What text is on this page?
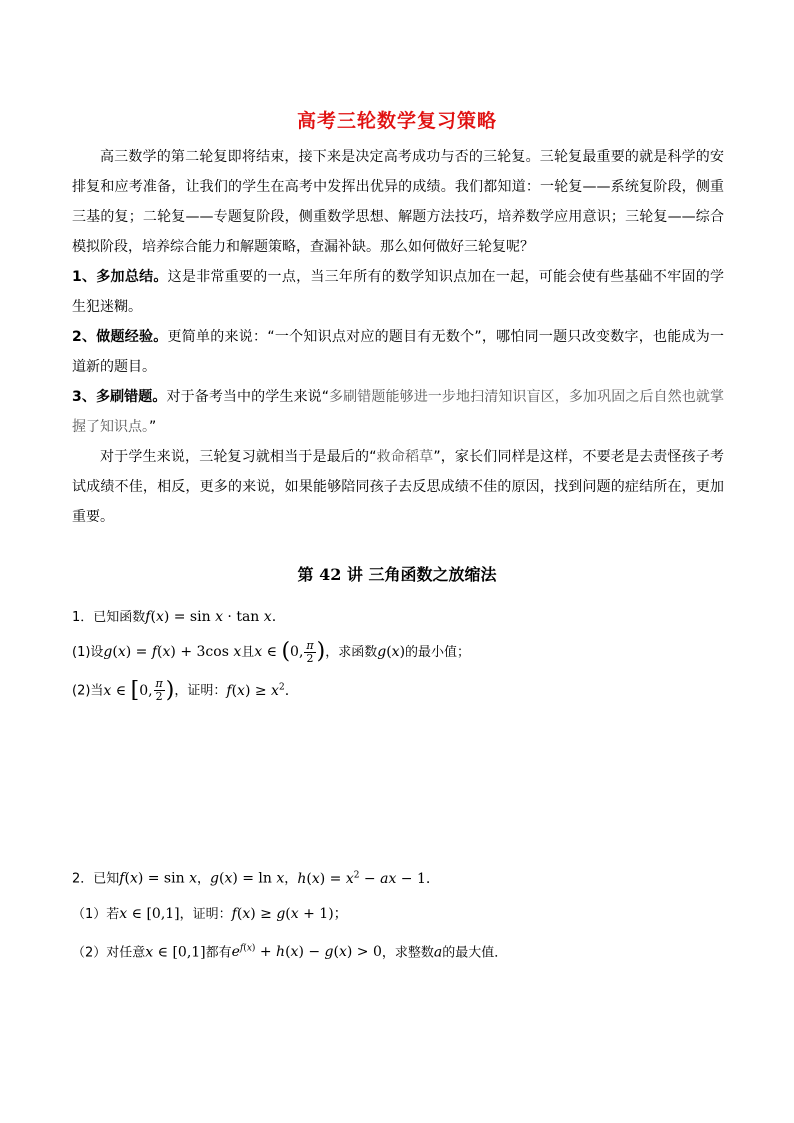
高考三轮数学复习策略

高三数学的第二轮复即将结束，接下来是决定高考成功与否的三轮复。三轮复最重要的就是科学的安排复和应考准备，让我们的学生在高考中发挥出优异的成绩。我们都知道：一轮复——系统复阶段，侧重三基的复；二轮复——专题复阶段，侧重数学思想、解题方法技巧，培养数学应用意识；三轮复——综合模拟阶段，培养综合能力和解题策略，查漏补缺。那么如何做好三轮复呢？

1、多加总结。这是非常重要的一点，当三年所有的数学知识点加在一起，可能会使有些基础不牢固的学生犯迷糊。

2、做题经验。更简单的来说：“一个知识点对应的题目有无数个”，哪怕同一题只改变数字，也能成为一道新的题目。

3、多刷错题。对于备考当中的学生来说“多刷错题能够进一步地扫清知识盲区，多加巩固之后自然也就掌握了知识点。”

对于学生来说，三轮复习就相当于是最后的“救命稻草”，家长们同样是这样，不要老是去责怪孩子考试成绩不佳，相反，更多的来说，如果能够陪同孩子去反思成绩不佳的原因，找到问题的症结所在，更加重要。

第 42 讲 三角函数之放缩法

1．已知函数f(x) = sin x · tan x.

(1)设g(x) = f(x) + 3cos x且x ∈ (0, $\frac{\pi}{2}$ )，求函数g(x)的最小值；

(2)当x ∈ [0, $\frac{\pi}{2}$ )，证明：$f(x) \ge x^2$.

2．已知f(x) = sin x，g(x) = ln x，$h(x) = x^2$ − ax − 1.

（1）若x ∈ [0,1]，证明：f(x) ≥ g(x + 1)；

（2）对任意x ∈ [0,1]都有$e^{f(x)} + h(x) - g(x) > 0$，求整数a的最大值．
